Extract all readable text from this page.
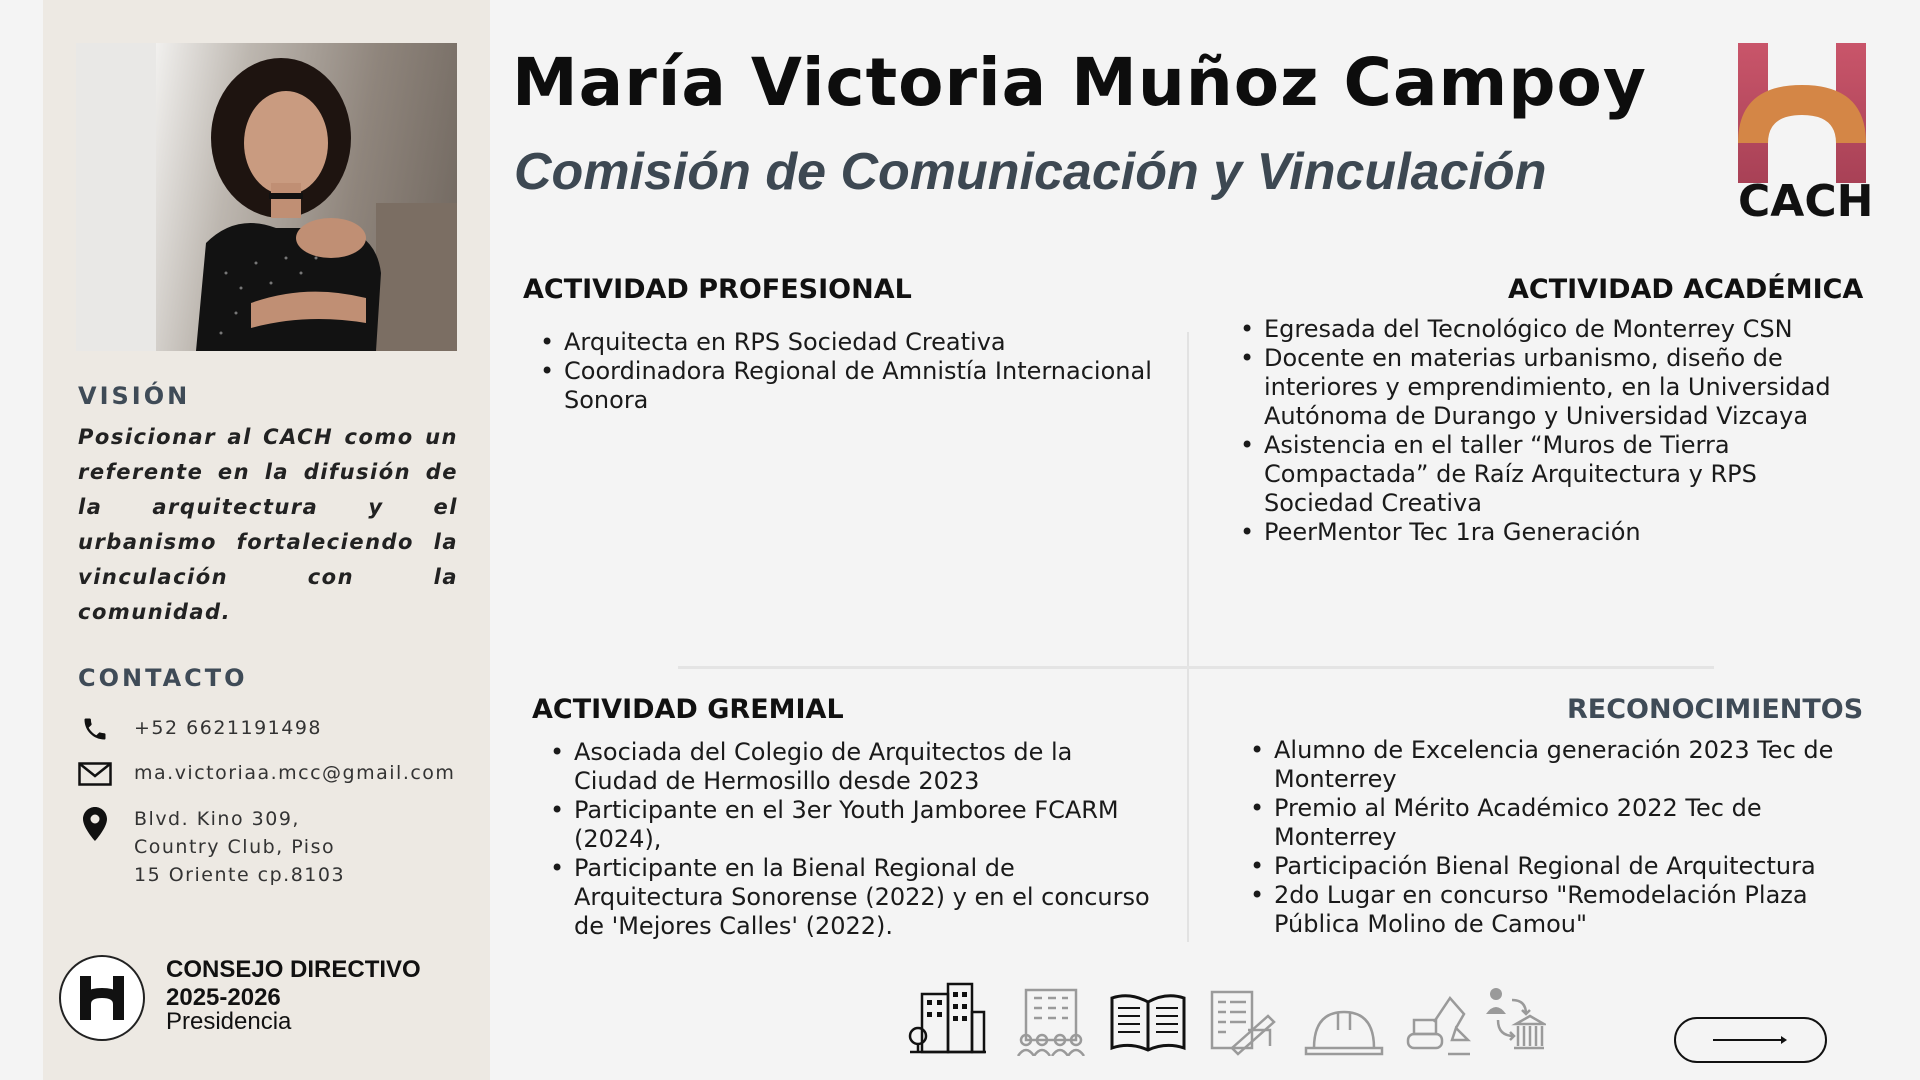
VISIÓN

Posicionar al CACH como un referente en la difusión de la arquitectura y el urbanismo fortaleciendo la vinculación con la comunidad.

CONTACTO
+52 6621191498
ma.victoriaa.mcc@gmail.com
Blvd. Kino 309, Country Club, Piso 15 Oriente cp.8103
CONSEJO DIRECTIVO
2025-2026
Presidencia
María Victoria Muñoz Campoy
Comisión de Comunicación y Vinculación
CACH
ACTIVIDAD PROFESIONAL
• Arquitecta en RPS Sociedad Creativa
• Coordinadora Regional de Amnistía Internacional Sonora
ACTIVIDAD ACADÉMICA
• Egresada del Tecnológico de Monterrey CSN
• Docente en materias urbanismo, diseño de interiores y emprendimiento, en la Universidad Autónoma de Durango y Universidad Vizcaya
• Asistencia en el taller “Muros de Tierra Compactada” de Raíz Arquitectura y RPS Sociedad Creativa
• PeerMentor Tec 1ra Generación
ACTIVIDAD GREMIAL
• Asociada del Colegio de Arquitectos de la Ciudad de Hermosillo desde 2023
• Participante en el 3er Youth Jamboree FCARM (2024),
• Participante en la Bienal Regional de Arquitectura Sonorense (2022) y en el concurso de 'Mejores Calles' (2022).
RECONOCIMIENTOS
• Alumno de Excelencia generación 2023 Tec de Monterrey
• Premio al Mérito Académico 2022 Tec de Monterrey
• Participación Bienal Regional de Arquitectura
• 2do Lugar en concurso "Remodelación Plaza Pública Molino de Camou"
